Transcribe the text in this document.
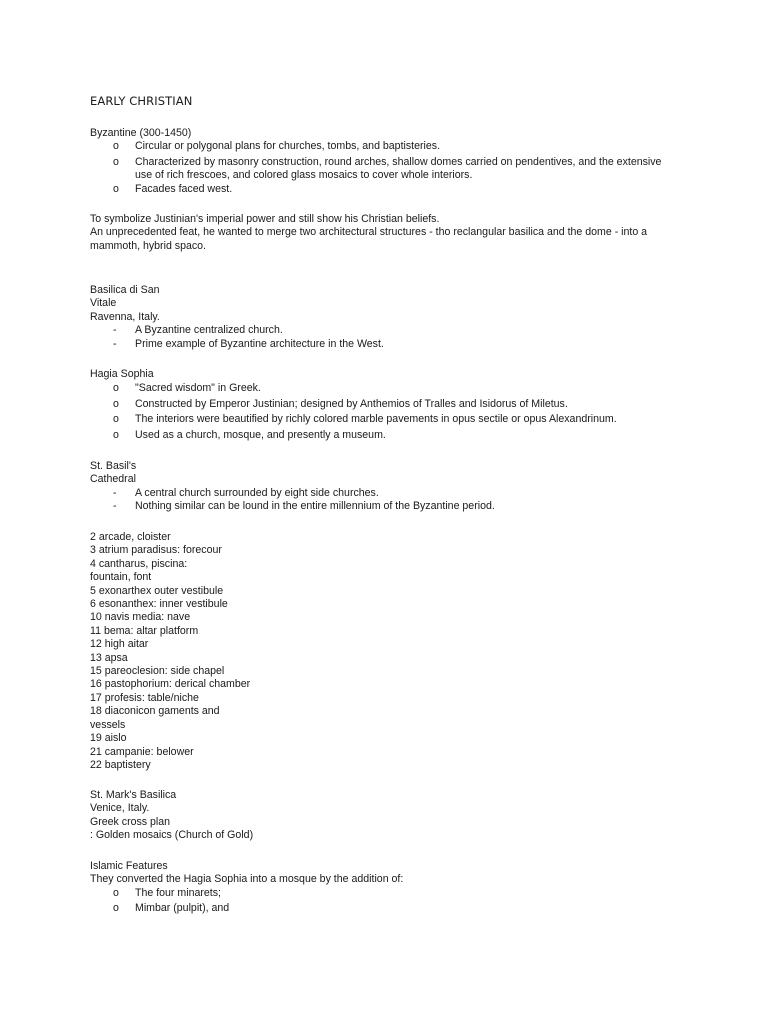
EARLY CHRISTIAN
Byzantine (300-1450)
o	Circular or polygonal plans for churches, tombs, and baptisteries.
o	Characterized by masonry construction, round arches, shallow domes carried on pendentives, and the extensive use of rich frescoes, and colored glass mosaics to cover whole interiors.
o	Facades faced west.
To symbolize Justinian's imperial power and still show his Christian beliefs.
An unprecedented feat, he wanted to merge two architectural structures - tho reclangular basilica and the dome - into a mammoth, hybrid spaco.
Basilica di San
Vitale
Ravenna, Italy.
-	A Byzantine centralized church.
-	Prime example of Byzantine architecture in the West.
Hagia Sophia
o	"Sacred wisdom" in Greek.
o	Constructed by Emperor Justinian; designed by Anthemios of Tralles and Isidorus of Miletus.
o	The interiors were beautified by richly colored marble pavements in opus sectile or opus Alexandrinum.
o	Used as a church, mosque, and presently a museum.
St. Basil's
Cathedral
-	A central church surrounded by eight side churches.
-	Nothing similar can be lound in the entire millennium of the Byzantine period.
2 arcade, cloister
3 atrium paradisus: forecour
4 cantharus, piscina:
fountain, font
5 exonarthex outer vestibule
6 esonanthex: inner vestibule
10 navis media: nave
11 bema: altar platform
12 high aitar
13 apsa
15 pareoclesion: side chapel
16 pastophorium: derical chamber
17 profesis: table/niche
18 diaconicon gaments and
vessels
19 aislo
21 campanie: belower
22 baptistery
St. Mark's Basilica
Venice, Italy.
Greek cross plan
: Golden mosaics (Church of Gold)
Islamic Features
They converted the Hagia Sophia into a mosque by the addition of:
o	The four minarets;
o	Mimbar (pulpit), and
